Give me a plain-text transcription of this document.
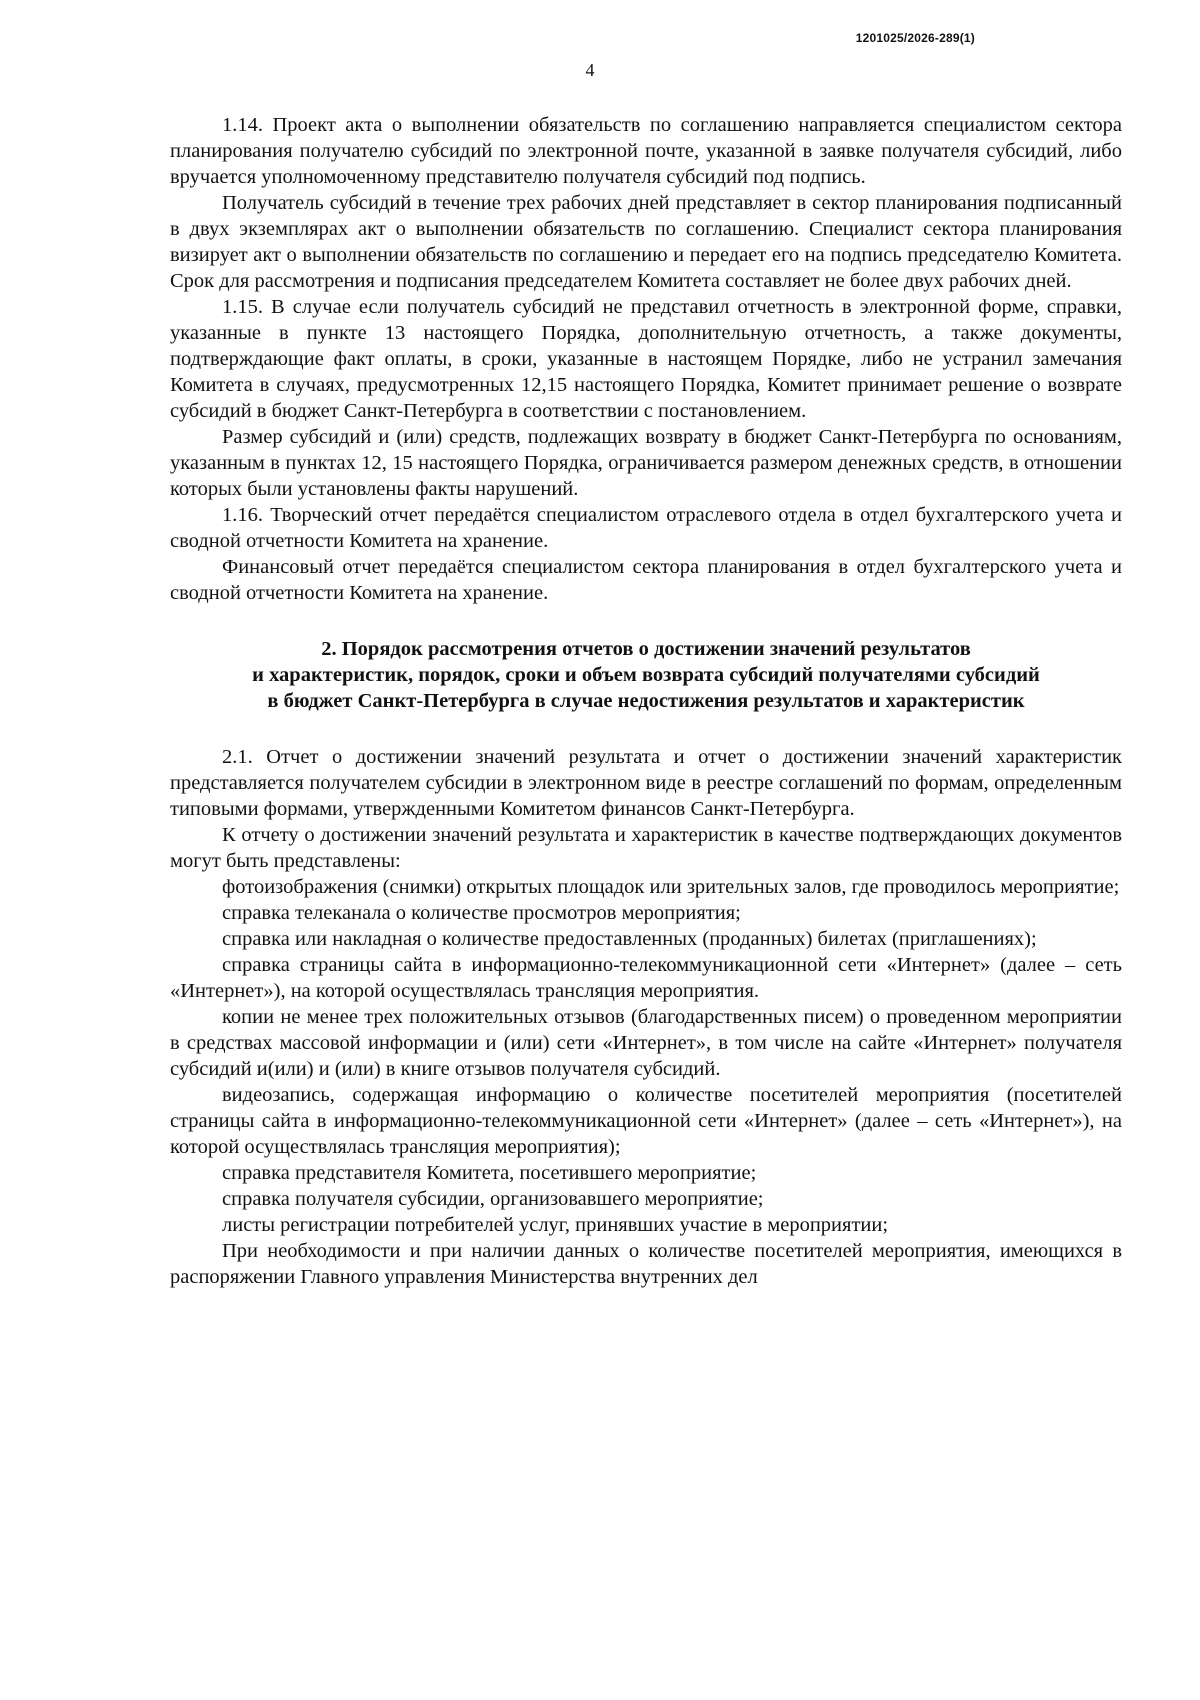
1201025/2026-289(1)
4

1.14. Проект акта о выполнении обязательств по соглашению направляется специалистом сектора планирования получателю субсидий по электронной почте, указанной в заявке получателя субсидий, либо вручается уполномоченному представителю получателя субсидий под подпись.

Получатель субсидий в течение трех рабочих дней представляет в сектор планирования подписанный в двух экземплярах акт о выполнении обязательств по соглашению. Специалист сектора планирования визирует акт о выполнении обязательств по соглашению и передает его на подпись председателю Комитета. Срок для рассмотрения и подписания председателем Комитета составляет не более двух рабочих дней.

1.15. В случае если получатель субсидий не представил отчетность в электронной форме, справки, указанные в пункте 13 настоящего Порядка, дополнительную отчетность, а также документы, подтверждающие факт оплаты, в сроки, указанные в настоящем Порядке, либо не устранил замечания Комитета в случаях, предусмотренных 12,15 настоящего Порядка, Комитет принимает решение о возврате субсидий в бюджет Санкт-Петербурга в соответствии с постановлением.

Размер субсидий и (или) средств, подлежащих возврату в бюджет Санкт-Петербурга по основаниям, указанным в пунктах 12, 15 настоящего Порядка, ограничивается размером денежных средств, в отношении которых были установлены факты нарушений.

1.16. Творческий отчет передаётся специалистом отраслевого отдела в отдел бухгалтерского учета и сводной отчетности Комитета на хранение.

Финансовый отчет передаётся специалистом сектора планирования в отдел бухгалтерского учета и сводной отчетности Комитета на хранение.

2. Порядок рассмотрения отчетов о достижении значений результатов
и характеристик, порядок, сроки и объем возврата субсидий получателями субсидий
в бюджет Санкт-Петербурга в случае недостижения результатов и характеристик

2.1. Отчет о достижении значений результата и отчет о достижении значений характеристик представляется получателем субсидии в электронном виде в реестре соглашений по формам, определенным типовыми формами, утвержденными Комитетом финансов Санкт-Петербурга.

К отчету о достижении значений результата и характеристик в качестве подтверждающих документов могут быть представлены:

фотоизображения (снимки) открытых площадок или зрительных залов, где проводилось мероприятие;

справка телеканала о количестве просмотров мероприятия;

справка или накладная о количестве предоставленных (проданных) билетах (приглашениях);

справка страницы сайта в информационно-телекоммуникационной сети «Интернет» (далее – сеть «Интернет»), на которой осуществлялась трансляция мероприятия.

копии не менее трех положительных отзывов (благодарственных писем) о проведенном мероприятии в средствах массовой информации и (или) сети «Интернет», в том числе на сайте «Интернет» получателя субсидий и(или) и (или) в книге отзывов получателя субсидий.

видеозапись, содержащая информацию о количестве посетителей мероприятия (посетителей страницы сайта в информационно-телекоммуникационной сети «Интернет» (далее – сеть «Интернет»), на которой осуществлялась трансляция мероприятия);

справка представителя Комитета, посетившего мероприятие;

справка получателя субсидии, организовавшего мероприятие;

листы регистрации потребителей услуг, принявших участие в мероприятии;

При необходимости и при наличии данных о количестве посетителей мероприятия, имеющихся в распоряжении Главного управления Министерства внутренних дел
